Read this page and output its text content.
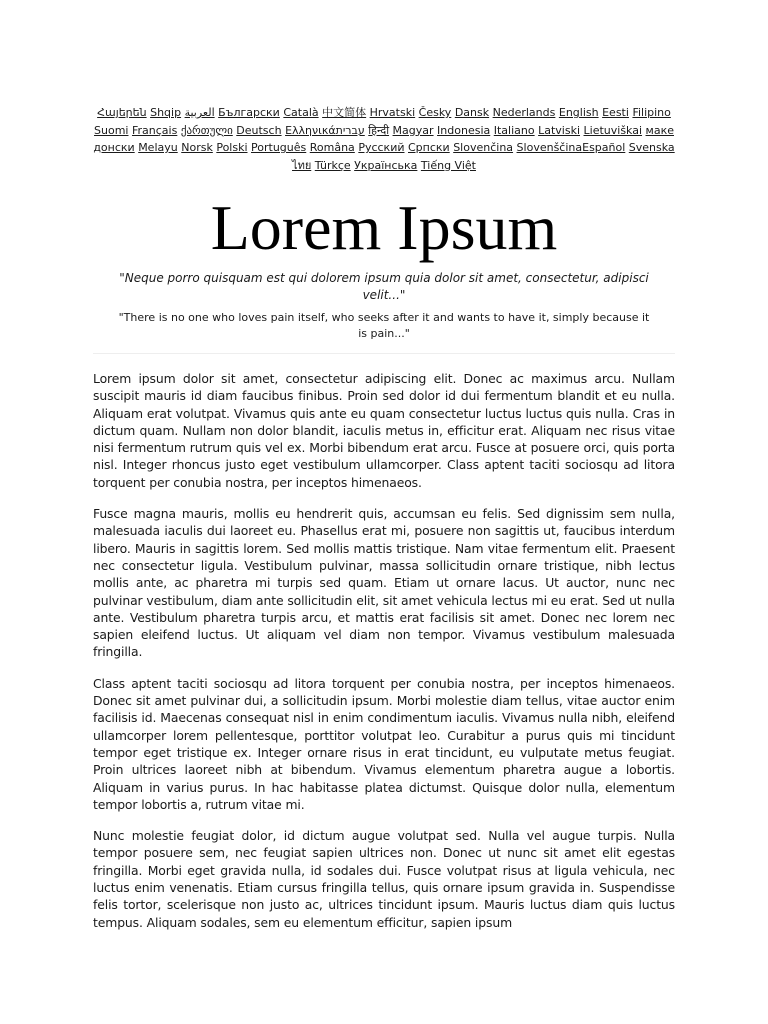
Հայերեն Shqip العربية Български Català 中文简体 Hrvatski Česky Dansk Nederlands English Eesti Filipino Suomi Français ქართული Deutsch Ελληνικάעברית हिन्दी Magyar Indonesia Italiano Latviski Lietuviškai македонски Melayu Norsk Polski Português Româna Pусский Српски Slovenčina SlovenščinaEspañol Svenska ไทย Türkçe Українська Tiếng Việt
Lorem Ipsum
"Neque porro quisquam est qui dolorem ipsum quia dolor sit amet, consectetur, adipisci velit..."
"There is no one who loves pain itself, who seeks after it and wants to have it, simply because it is pain..."

Lorem ipsum dolor sit amet, consectetur adipiscing elit. Donec ac maximus arcu. Nullam suscipit mauris id diam faucibus finibus. Proin sed dolor id dui fermentum blandit et eu nulla. Aliquam erat volutpat. Vivamus quis ante eu quam consectetur luctus luctus quis nulla. Cras in dictum quam. Nullam non dolor blandit, iaculis metus in, efficitur erat. Aliquam nec risus vitae nisi fermentum rutrum quis vel ex. Morbi bibendum erat arcu. Fusce at posuere orci, quis porta nisl. Integer rhoncus justo eget vestibulum ullamcorper. Class aptent taciti sociosqu ad litora torquent per conubia nostra, per inceptos himenaeos.

Fusce magna mauris, mollis eu hendrerit quis, accumsan eu felis. Sed dignissim sem nulla, malesuada iaculis dui laoreet eu. Phasellus erat mi, posuere non sagittis ut, faucibus interdum libero. Mauris in sagittis lorem. Sed mollis mattis tristique. Nam vitae fermentum elit. Praesent nec consectetur ligula. Vestibulum pulvinar, massa sollicitudin ornare tristique, nibh lectus mollis ante, ac pharetra mi turpis sed quam. Etiam ut ornare lacus. Ut auctor, nunc nec pulvinar vestibulum, diam ante sollicitudin elit, sit amet vehicula lectus mi eu erat. Sed ut nulla ante. Vestibulum pharetra turpis arcu, et mattis erat facilisis sit amet. Donec nec lorem nec sapien eleifend luctus. Ut aliquam vel diam non tempor. Vivamus vestibulum malesuada fringilla.

Class aptent taciti sociosqu ad litora torquent per conubia nostra, per inceptos himenaeos. Donec sit amet pulvinar dui, a sollicitudin ipsum. Morbi molestie diam tellus, vitae auctor enim facilisis id. Maecenas consequat nisl in enim condimentum iaculis. Vivamus nulla nibh, eleifend ullamcorper lorem pellentesque, porttitor volutpat leo. Curabitur a purus quis mi tincidunt tempor eget tristique ex. Integer ornare risus in erat tincidunt, eu vulputate metus feugiat. Proin ultrices laoreet nibh at bibendum. Vivamus elementum pharetra augue a lobortis. Aliquam in varius purus. In hac habitasse platea dictumst. Quisque dolor nulla, elementum tempor lobortis a, rutrum vitae mi.

Nunc molestie feugiat dolor, id dictum augue volutpat sed. Nulla vel augue turpis. Nulla tempor posuere sem, nec feugiat sapien ultrices non. Donec ut nunc sit amet elit egestas fringilla. Morbi eget gravida nulla, id sodales dui. Fusce volutpat risus at ligula vehicula, nec luctus enim venenatis. Etiam cursus fringilla tellus, quis ornare ipsum gravida in. Suspendisse felis tortor, scelerisque non justo ac, ultrices tincidunt ipsum. Mauris luctus diam quis luctus tempus. Aliquam sodales, sem eu elementum efficitur, sapien ipsum
